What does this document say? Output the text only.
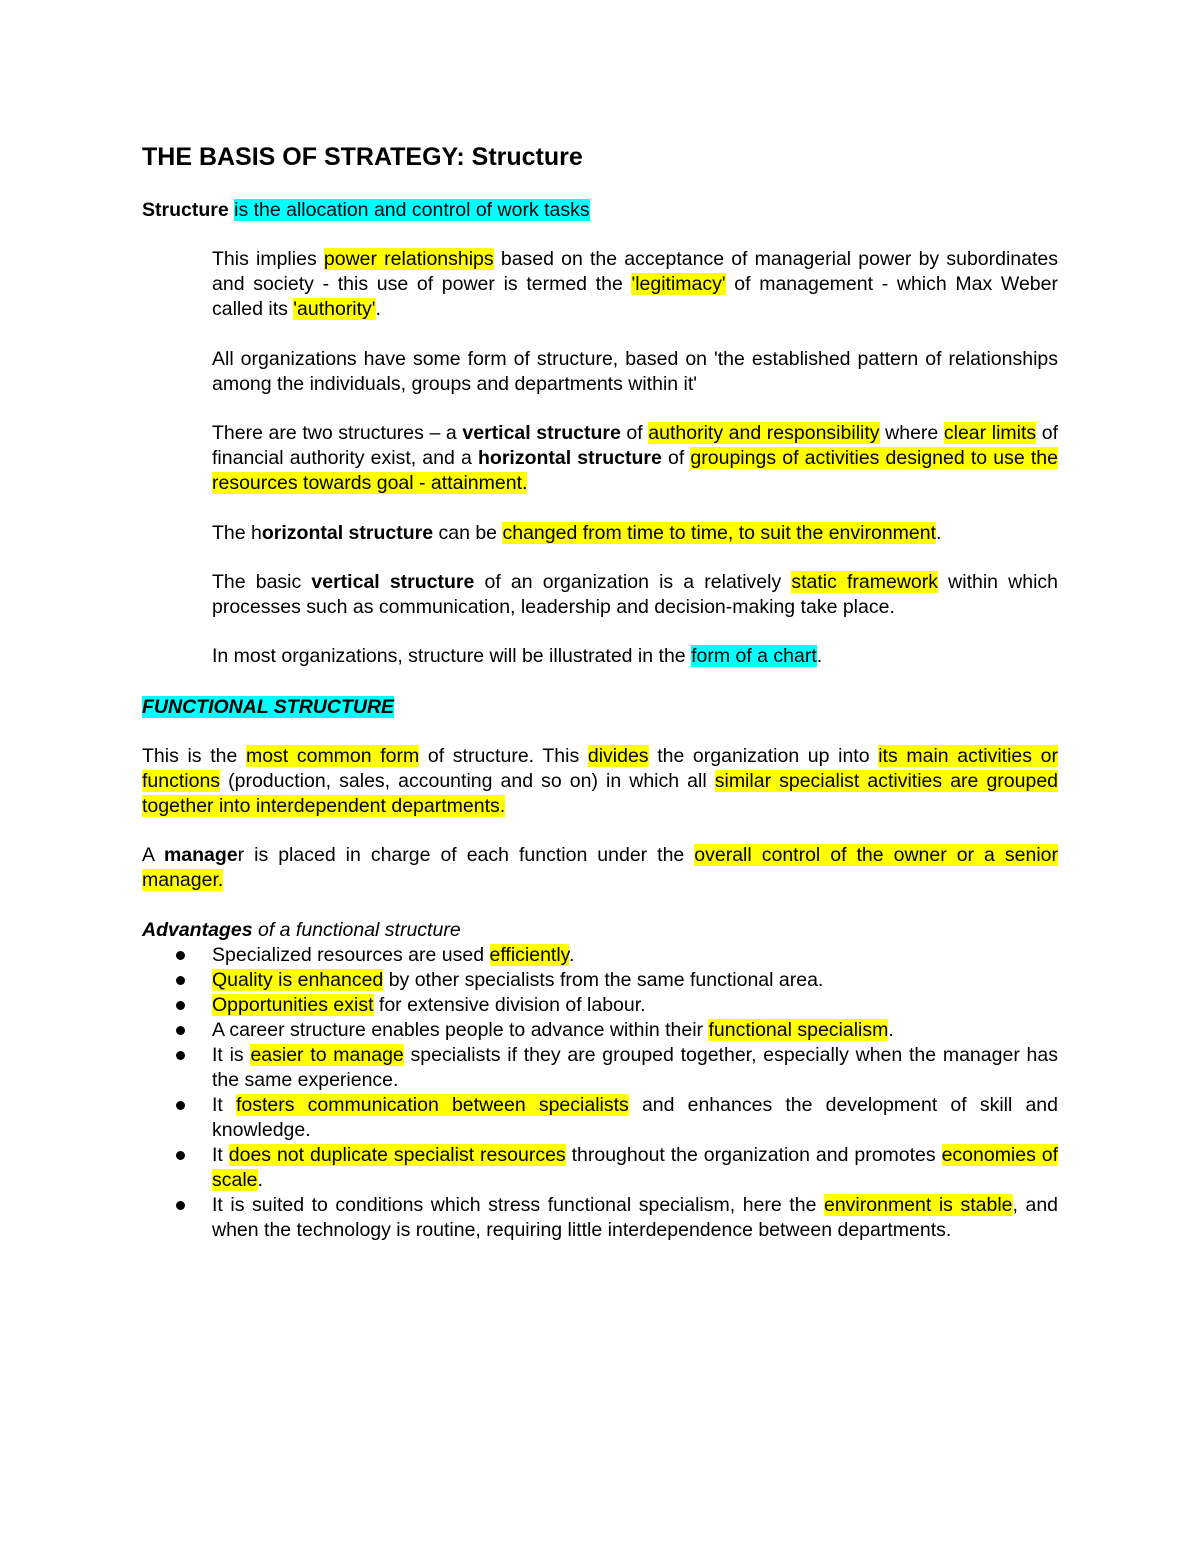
THE BASIS OF STRATEGY: Structure

Structure is the allocation and control of work tasks

This implies power relationships based on the acceptance of managerial power by subordinates and society - this use of power is termed the 'legitimacy' of management - which Max Weber called its 'authority'.

All organizations have some form of structure, based on 'the established pattern of relationships among the individuals, groups and departments within it'

There are two structures – a vertical structure of authority and responsibility where clear limits of financial authority exist, and a horizontal structure of groupings of activities designed to use the resources towards goal - attainment.

The horizontal structure can be changed from time to time, to suit the environment.

The basic vertical structure of an organization is a relatively static framework within which processes such as communication, leadership and decision-making take place.

In most organizations, structure will be illustrated in the form of a chart.

FUNCTIONAL STRUCTURE

This is the most common form of structure. This divides the organization up into its main activities or functions (production, sales, accounting and so on) in which all similar specialist activities are grouped together into interdependent departments.

A manager is placed in charge of each function under the overall control of the owner or a senior manager.

Advantages of a functional structure

Specialized resources are used efficiently.
Quality is enhanced by other specialists from the same functional area.
Opportunities exist for extensive division of labour.
A career structure enables people to advance within their functional specialism.
It is easier to manage specialists if they are grouped together, especially when the manager has the same experience.
It fosters communication between specialists and enhances the development of skill and knowledge.
It does not duplicate specialist resources throughout the organization and promotes economies of scale.
It is suited to conditions which stress functional specialism, here the environment is stable, and when the technology is routine, requiring little interdependence between departments.
